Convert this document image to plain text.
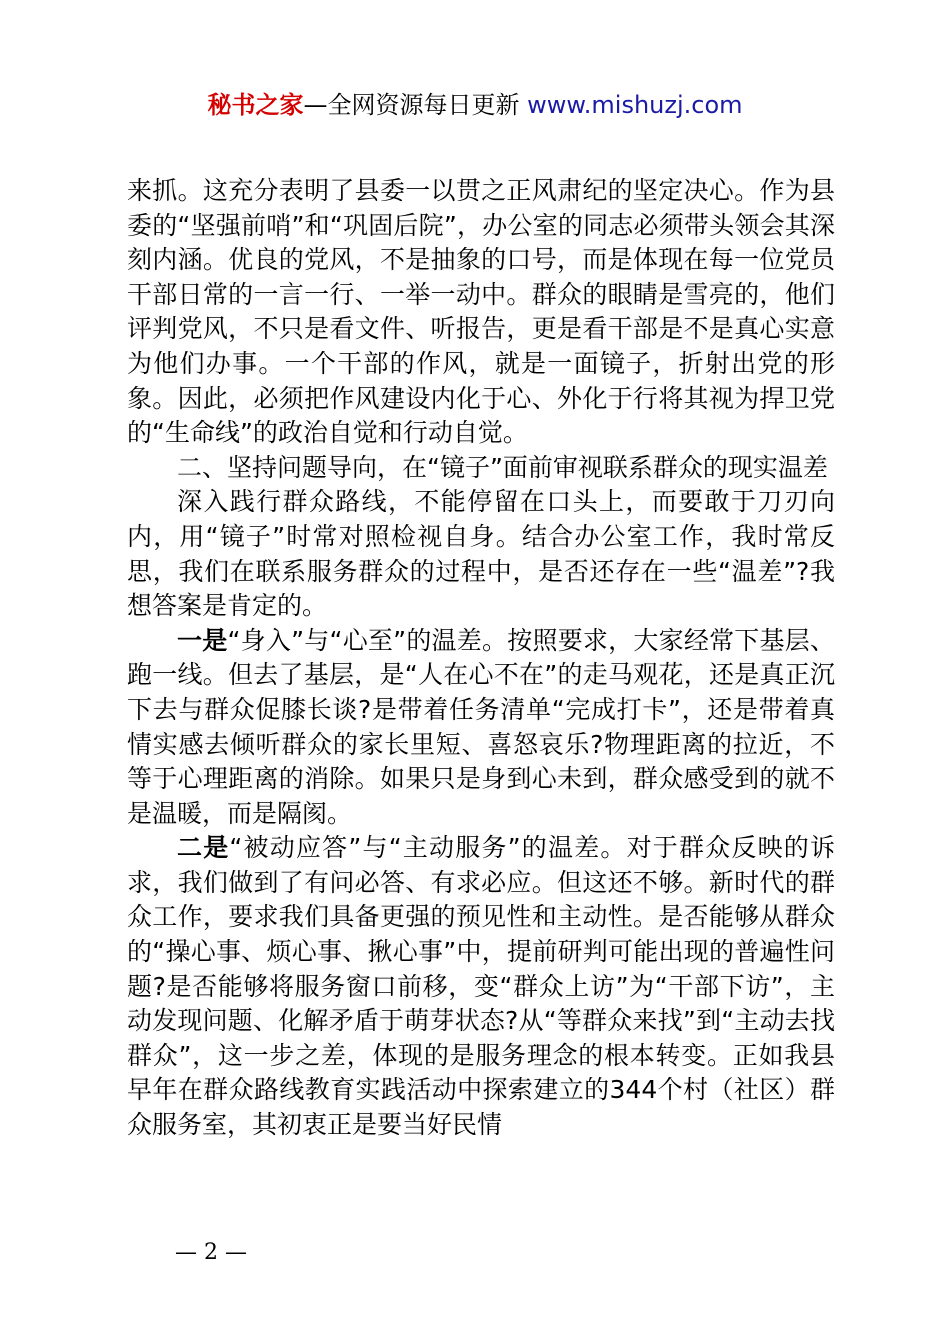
秘书之家—全网资源每日更新 www.mishuzj.com

来抓。这充分表明了县委一以贯之正风肃纪的坚定决心。作为县委的“坚强前哨”和“巩固后院”，办公室的同志必须带头领会其深刻内涵。优良的党风，不是抽象的口号，而是体现在每一位党员干部日常的一言一行、一举一动中。群众的眼睛是雪亮的，他们评判党风，不只是看文件、听报告，更是看干部是不是真心实意为他们办事。一个干部的作风，就是一面镜子，折射出党的形象。因此，必须把作风建设内化于心、外化于行将其视为捍卫党的“生命线”的政治自觉和行动自觉。

二、坚持问题导向，在“镜子”面前审视联系群众的现实温差

深入践行群众路线，不能停留在口头上，而要敢于刀刃向内，用“镜子”时常对照检视自身。结合办公室工作，我时常反思，我们在联系服务群众的过程中，是否还存在一些“温差”?我想答案是肯定的。

一是“身入”与“心至”的温差。按照要求，大家经常下基层、跑一线。但去了基层，是“人在心不在”的走马观花，还是真正沉下去与群众促膝长谈?是带着任务清单“完成打卡”，还是带着真情实感去倾听群众的家长里短、喜怒哀乐?物理距离的拉近，不等于心理距离的消除。如果只是身到心未到，群众感受到的就不是温暖，而是隔阂。

二是“被动应答”与“主动服务”的温差。对于群众反映的诉求，我们做到了有问必答、有求必应。但这还不够。新时代的群众工作，要求我们具备更强的预见性和主动性。是否能够从群众的“操心事、烦心事、揪心事”中，提前研判可能出现的普遍性问题?是否能够将服务窗口前移，变“群众上访”为“干部下访”，主动发现问题、化解矛盾于萌芽状态?从“等群众来找”到“主动去找群众”，这一步之差，体现的是服务理念的根本转变。正如我县早年在群众路线教育实践活动中探索建立的344个村（社区）群众服务室，其初衷正是要当好民情

— 2 —
